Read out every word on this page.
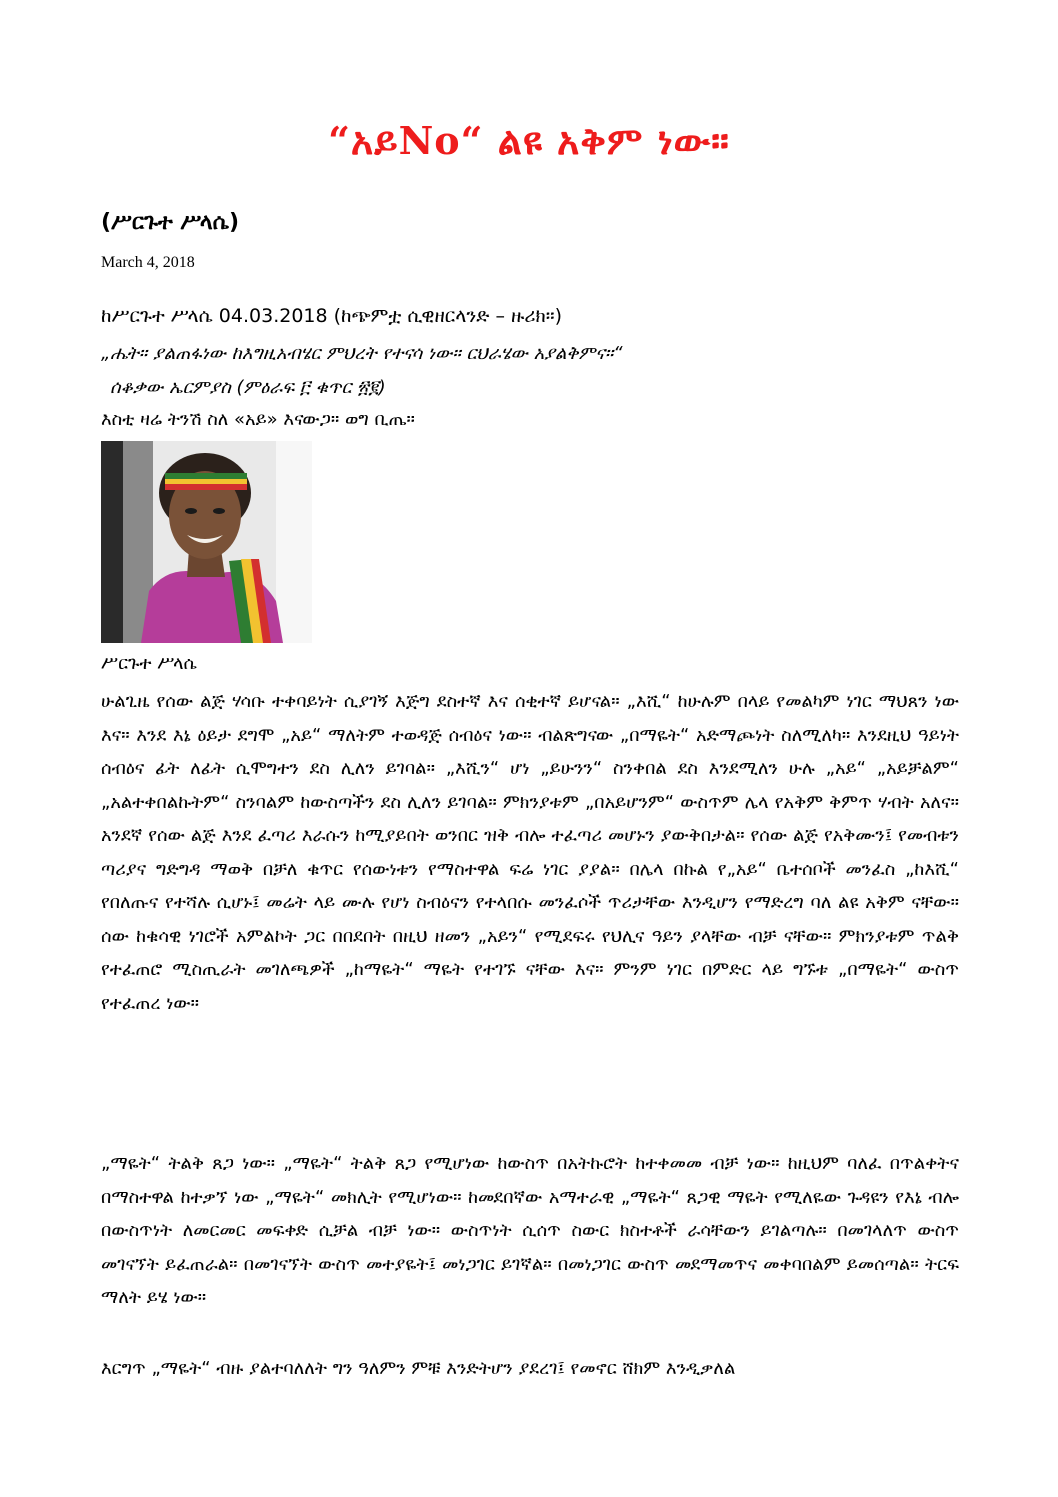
“አይNo“ ልዩ አቅም ነው።
(ሥርጉተ ሥላሴ)
March 4, 2018
ከሥርጉተ ሥላሴ 04.03.2018 (ከጭምቷ ሲዊዘርላንድ – ዙሪክ።)
„ሔት። ያልጠፋነው ከእግዚአብሄር ምህረት የተናሳ ነው። ርህራሄው አያልቅምና።“
ሰቆቃው ኤርምያስ (ምዕራፍ ፫ ቁጥር ፳፪)
እስቲ ዛሬ ትንሽ ስለ «አይ» እናውጋ። ወግ ቢጤ።
ሥርጉተ ሥላሴ
ሁልጊዜ የሰው ልጅ ሃሳቡ ተቀባይነት ሲያገኝ እጅግ ደስተኛ እና ሰቂተኛ ይሆናል። „እሺ“ ከሁሉም በላይ የመልካም ነገር ማህጸን ነው እና። እንደ እኔ ዕይታ ደግሞ „አይ“ ማለትም ተወዳጅ ሰብዕና ነው። ብልጽግናው „በማዬት“ አድማጮነት ስለሚለካ። እንደዚህ ዓይነት ሰብዕና ፊት ለፊት ሲሞግተን ደስ ሊለን ይገባል። „እሺን“ ሆነ „ይሁንን“ ስንቀበል ደስ እንደሚለን ሁሉ „አይ“ „አይቻልም“ „አልተቀበልኩትም“ ስንባልም ከውስጣችን ደስ ሊለን ይገባል። ምክንያቱም „በአይሆንም“ ውስጥም ሌላ የአቅም ቅምጥ ሃብት አለና። አንደኛ የሰው ልጅ እንደ ፈጣሪ እራሱን ከሚያይበት ወንበር ዝቅ ብሎ ተፈጣሪ መሆኑን ያውቅበታል። የሰው ልጅ የአቅሙን፤ የመብቱን ጣሪያና ግድግዳ ማወቅ በቻለ ቁጥር የሰውነቱን የማስተዋል ፍሬ ነገር ያያል። በሌላ በኩል የ„አይ“ ቤተሰቦች መንፈስ „ከእሺ“ የበለጡና የተሻሉ ሲሆኑ፤ መሬት ላይ ሙሉ የሆነ ስብዕናን የተላበሱ መንፈሶች ጥሪታቸው እንዲሆን የማድረግ ባለ ልዩ አቅም ናቸው። ሰው ከቁሳዊ ነገሮች አምልኮት ጋር በበደበት በዚህ ዘመን „አይን“ የሚደፍሩ የህሊና ዓይን ያላቸው ብቻ ናቸው። ምክንያቱም ጥልቅ የተፈጠሮ ሚስጢራት መገለጫዎች „ከማዬት“ ማዬት የተገኙ ናቸው እና። ምንም ነገር በምድር ላይ ግኙቱ „በማዬት“ ውስጥ የተፈጠረ ነው።
„ማዬት“ ትልቅ ጸጋ ነው። „ማዬት“ ትልቅ ጸጋ የሚሆነው ከውስጥ በአትኩሮት ከተቀመመ ብቻ ነው። ከዚህም ባለፈ በጥልቀትና በማስተዋል ከተቃኘ ነው „ማዬት“ መክሊት የሚሆነው። ከመደበኛው አማተራዊ „ማዬት“ ጸጋዊ ማዬት የሚለዬው ጉዳዩን የእኔ ብሎ በውስጥነት ለመርመር መፍቀድ ሲቻል ብቻ ነው። ውስጥነት ሲሰጥ ስውር ክስተቶች ራሳቸውን ይገልጣሉ። በመገላለጥ ውስጥ መገናኘት ይፈጠራል። በመገናኘት ውስጥ መተያዬት፤ መነጋገር ይገኛል። በመነጋገር ውስጥ መደማመጥና መቀባበልም ይመሰጣል። ትርፍ ማለት ይሄ ነው።
እርግጥ „ማዬት“ ብዙ ያልተባለለት ግን ዓለምን ምቹ እንድትሆን ያደረገ፤ የመኖር ሸክም እንዲቃለል
